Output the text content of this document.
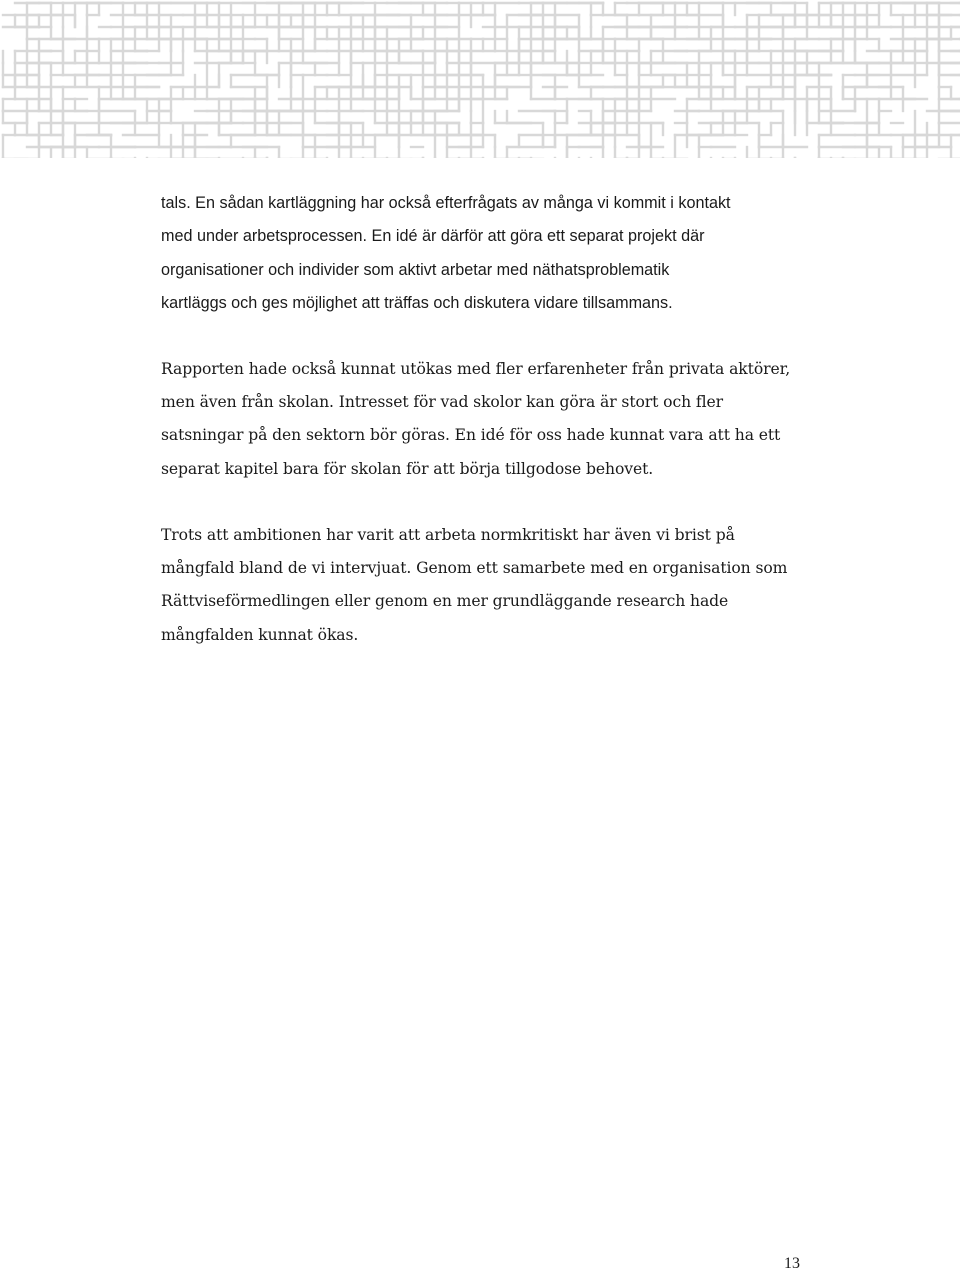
tals. En sådan kartläggning har också efterfrågats av många vi kommit i kontakt
med under arbetsprocessen. En idé är därför att göra ett separat projekt där
organisationer och individer som aktivt arbetar med näthatsproblematik
kartläggs och ges möjlighet att träffas och diskutera vidare tillsammans.
Rapporten hade också kunnat utökas med fler erfarenheter från privata aktörer,
men även från skolan. Intresset för vad skolor kan göra är stort och fler
satsningar på den sektorn bör göras. En idé för oss hade kunnat vara att ha ett
separat kapitel bara för skolan för att börja tillgodose behovet.
Trots att ambitionen har varit att arbeta normkritiskt har även vi brist på
mångfald bland de vi intervjuat. Genom ett samarbete med en organisation som
Rättviseförmedlingen eller genom en mer grundläggande research hade
mångfalden kunnat ökas.
13
